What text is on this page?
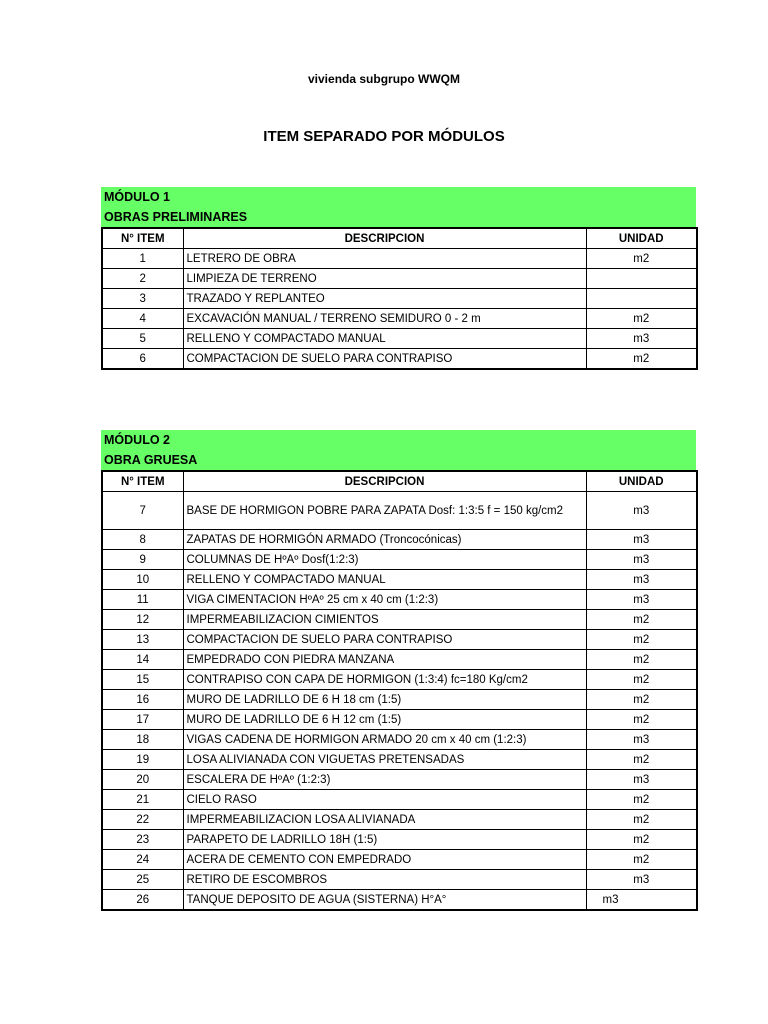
vivienda subgrupo WWQM
ITEM SEPARADO POR MÓDULOS
MÓDULO 1
OBRAS PRELIMINARES
N° ITEM	DESCRIPCION	UNIDAD
1	LETRERO DE OBRA	m2
2	LIMPIEZA DE TERRENO	
3	TRAZADO Y REPLANTEO	
4	EXCAVACIÓN MANUAL / TERRENO SEMIDURO 0 - 2 m	m2
5	RELLENO Y COMPACTADO MANUAL	m3
6	COMPACTACION DE SUELO PARA CONTRAPISO	m2
MÓDULO 2
OBRA GRUESA
N° ITEM	DESCRIPCION	UNIDAD
7	BASE DE HORMIGON POBRE PARA ZAPATA Dosf: 1:3:5 f = 150 kg/cm2	m3
8	ZAPATAS DE HORMIGÓN ARMADO (Troncocónicas)	m3
9	COLUMNAS DE HºAº Dosf(1:2:3)	m3
10	RELLENO Y COMPACTADO MANUAL	m3
11	VIGA CIMENTACION HºAº 25 cm x 40 cm (1:2:3)	m3
12	IMPERMEABILIZACION CIMIENTOS	m2
13	COMPACTACION DE SUELO PARA CONTRAPISO	m2
14	EMPEDRADO CON PIEDRA MANZANA	m2
15	CONTRAPISO CON CAPA DE HORMIGON (1:3:4) fc=180 Kg/cm2	m2
16	MURO DE LADRILLO DE 6 H 18 cm (1:5)	m2
17	MURO DE LADRILLO DE 6 H 12 cm (1:5)	m2
18	VIGAS CADENA DE HORMIGON ARMADO 20 cm x 40 cm (1:2:3)	m3
19	LOSA ALIVIANADA CON VIGUETAS PRETENSADAS	m2
20	ESCALERA DE HºAº (1:2:3)	m3
21	CIELO RASO	m2
22	IMPERMEABILIZACION LOSA ALIVIANADA	m2
23	PARAPETO DE LADRILLO 18H (1:5)	m2
24	ACERA DE CEMENTO CON EMPEDRADO	m2
25	RETIRO DE ESCOMBROS	m3
26	TANQUE DEPOSITO DE AGUA (SISTERNA) H°A°	m3
